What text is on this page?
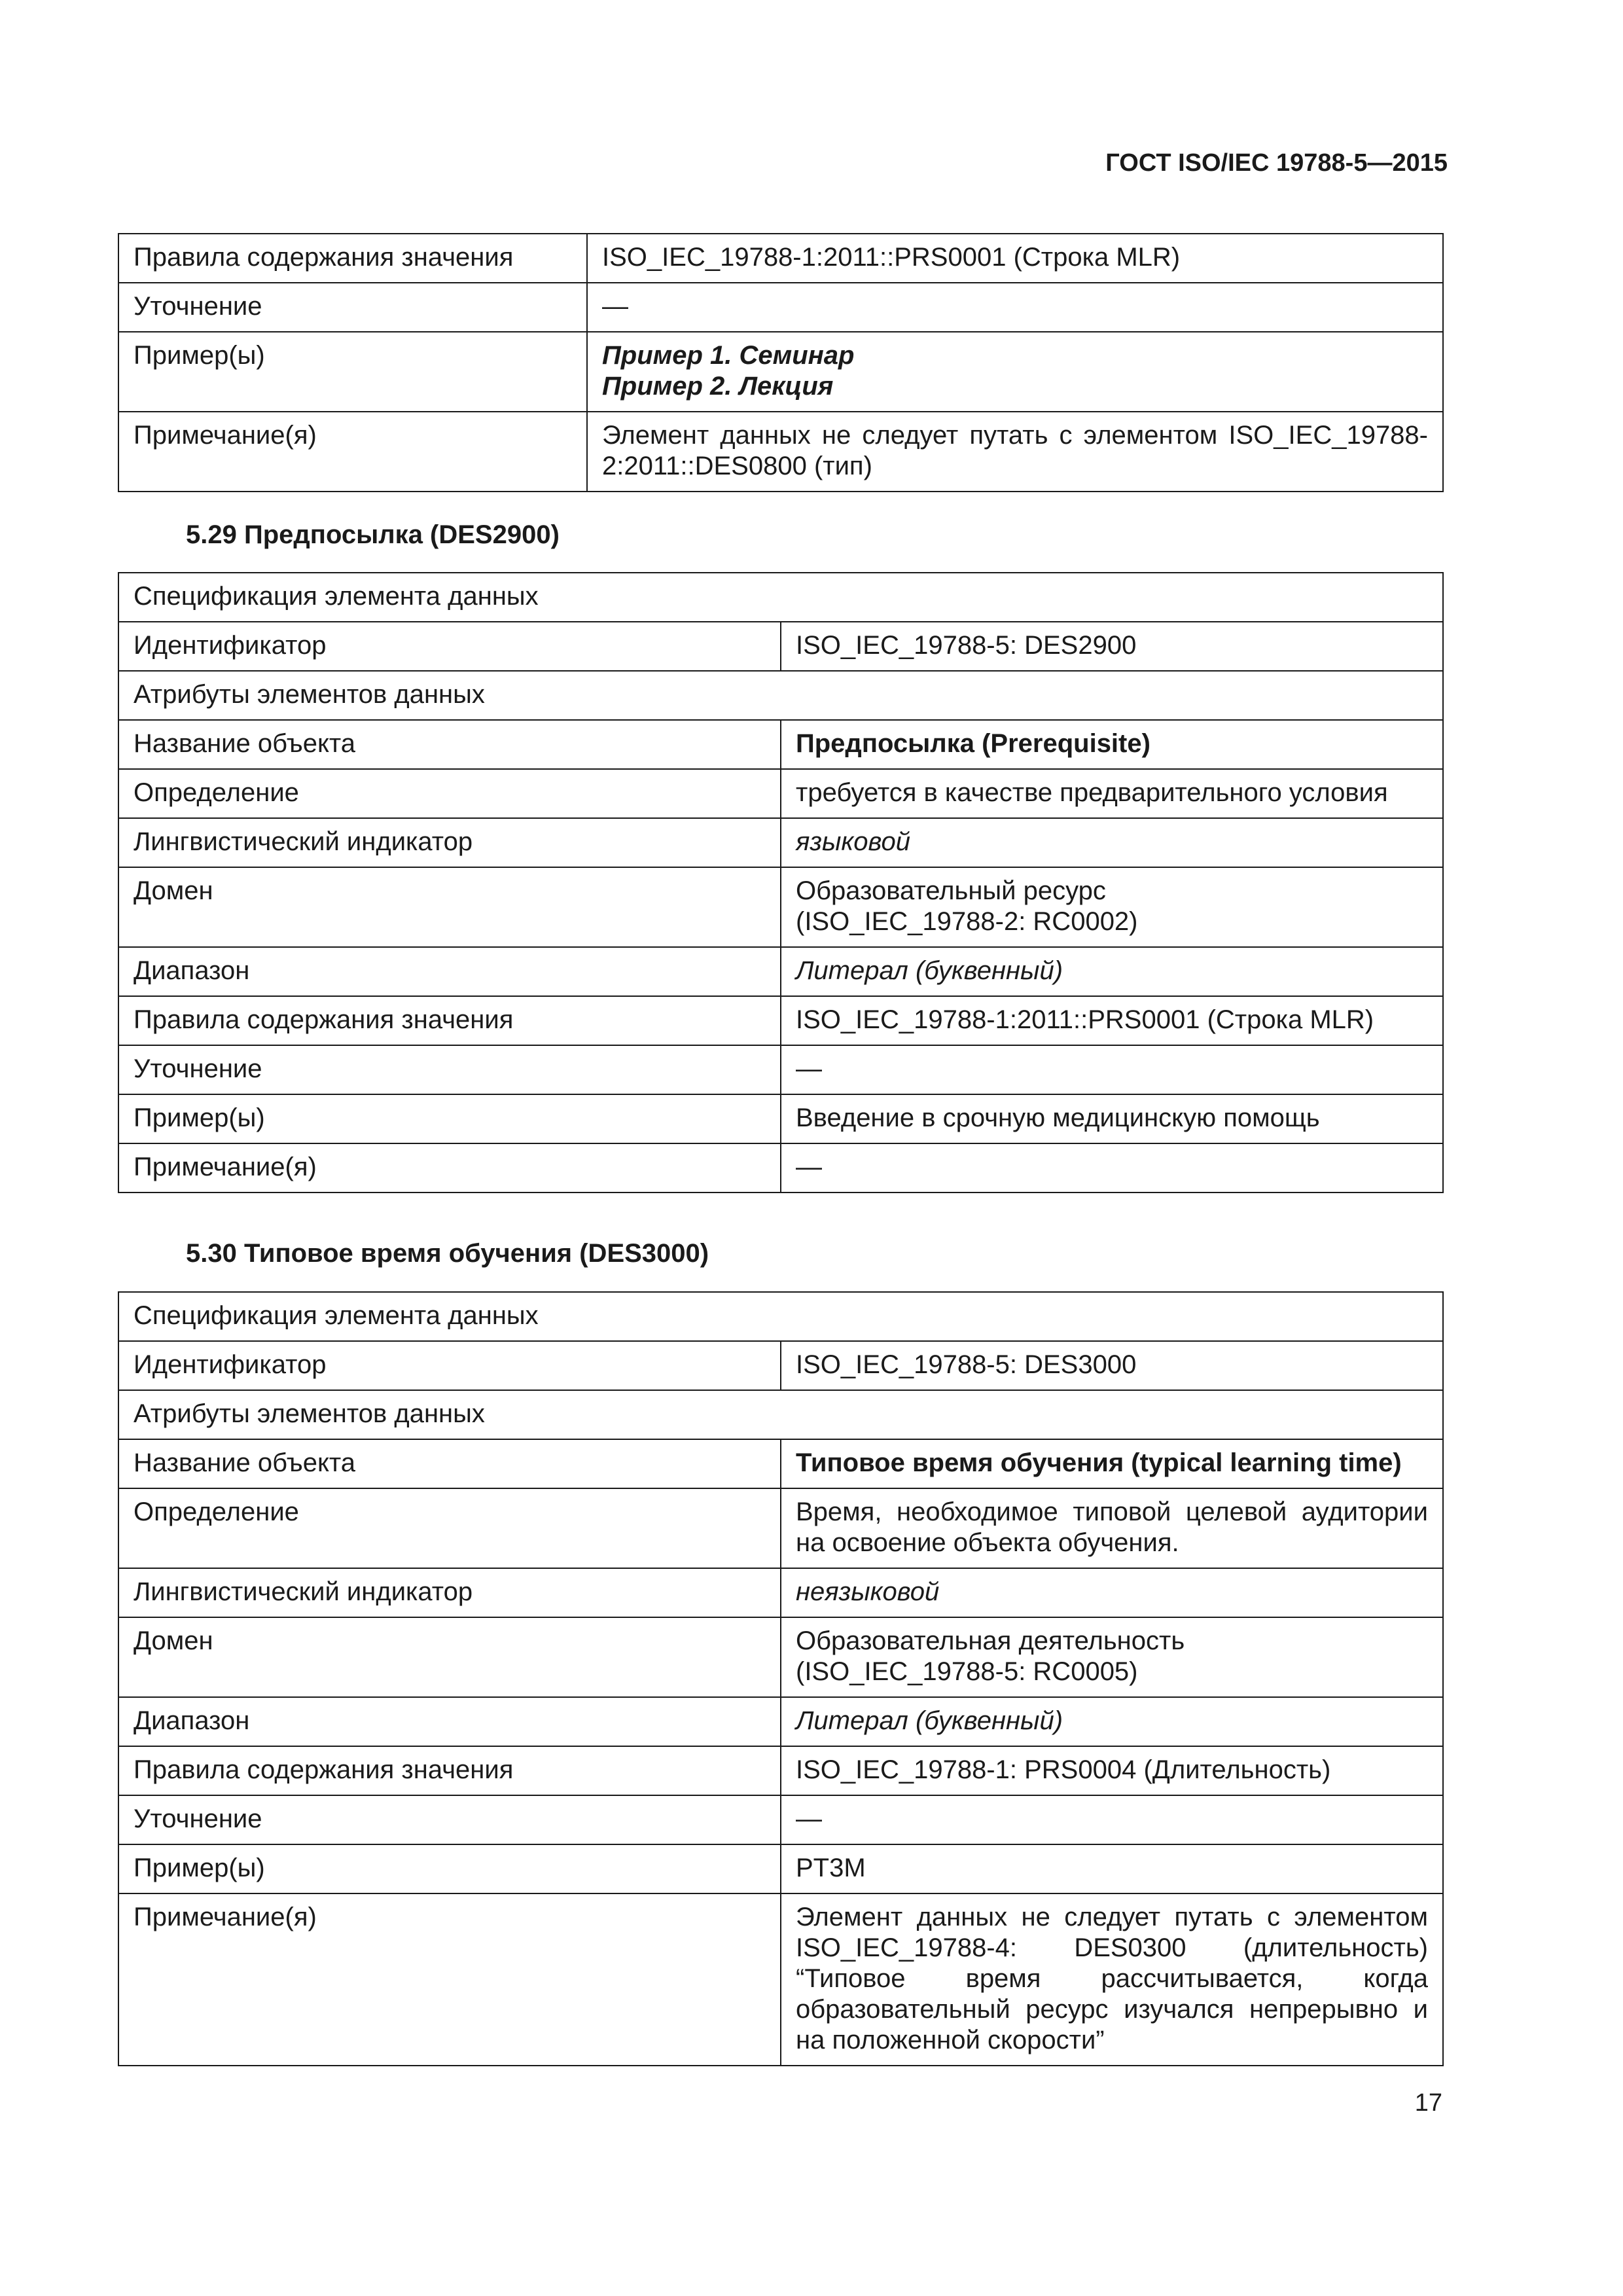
ГОСТ ISO/IEC 19788-5—2015
Правила содержания значения	ISO_IEC_19788-1:2011::PRS0001 (Строка MLR)
Уточнение	—
Пример(ы)	Пример 1. Семинар
Пример 2. Лекция

Примечание(я)	Элемент данных не следует путать с элементом ISO_IEC_19788- 2:2011::DES0800 (тип)
5.29 Предпосылка (DES2900)
Спецификация элемента данных	
Идентификатор	ISO_IEC_19788-5: DES2900
Атрибуты элементов данных	
Название объекта	Предпосылка (Prerequisite)
Определение	требуется в качестве предварительного условия
Лингвистический индикатор	языковой
Домен	Образовательный ресурс
(ISO_IEC_19788-2: RC0002)

Диапазон	Литерал (буквенный)
Правила содержания значения	ISO_IEC_19788-1:2011::PRS0001 (Строка MLR)
Уточнение	—
Пример(ы)	Введение в срочную медицинскую помощь
Примечание(я)	—
5.30 Типовое время обучения (DES3000)
Спецификация элемента данных	
Идентификатор	ISO_IEC_19788-5: DES3000
Атрибуты элементов данных	
Название объекта	Типовое время обучения (typical learning time)
Определение	Время, необходимое типовой целевой аудитории на освоение объекта обучения.
Лингвистический индикатор	неязыковой
Домен	Образовательная деятельность
(ISO_IEC_19788-5: RC0005)

Диапазон	Литерал (буквенный)
Правила содержания значения	ISO_IEC_19788-1: PRS0004 (Длительность)
Уточнение	—
Пример(ы)	PT3M
Примечание(я)	Элемент данных не следует путать с элементом ISO_IEC_19788-4: DES0300 (длительность) “Типовое время рассчитывается, когда образовательный ресурс изучался непрерывно и на положенной скорости”
17
